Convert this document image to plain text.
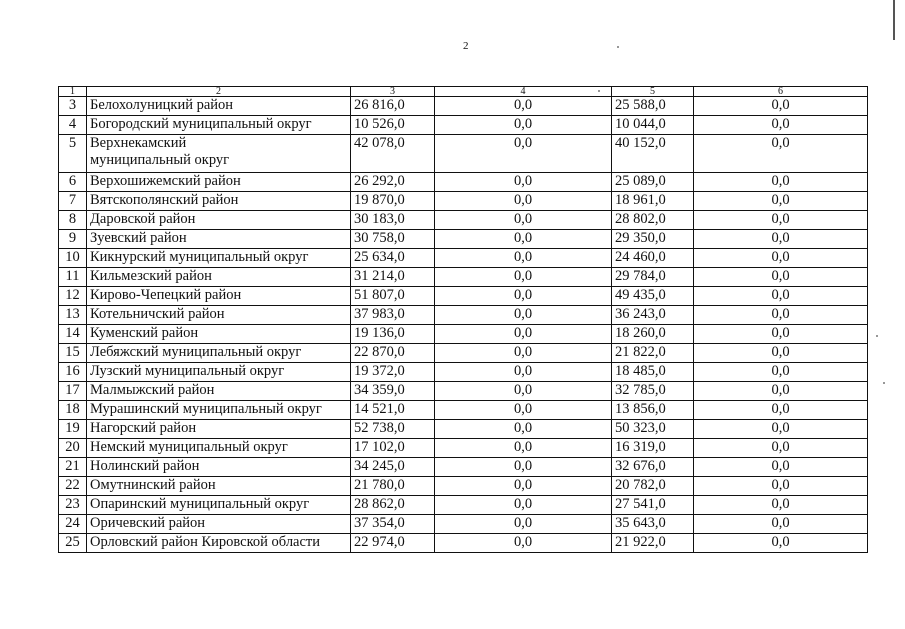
2
1	2	3	4	5	6
3	Белохолуницкий район	26 816,0	0,0	25 588,0	0,0
4	Богородский муниципальный округ	10 526,0	0,0	10 044,0	0,0
5	Верхнекамский
муниципальный округ	42 078,0	0,0	40 152,0	0,0
6	Верхошижемский район	26 292,0	0,0	25 089,0	0,0
7	Вятскополянский район	19 870,0	0,0	18 961,0	0,0
8	Даровской район	30 183,0	0,0	28 802,0	0,0
9	Зуевский район	30 758,0	0,0	29 350,0	0,0
10	Кикнурский муниципальный округ	25 634,0	0,0	24 460,0	0,0
11	Кильмезский район	31 214,0	0,0	29 784,0	0,0
12	Кирово-Чепецкий район	51 807,0	0,0	49 435,0	0,0
13	Котельничский район	37 983,0	0,0	36 243,0	0,0
14	Куменский район	19 136,0	0,0	18 260,0	0,0
15	Лебяжский муниципальный округ	22 870,0	0,0	21 822,0	0,0
16	Лузский муниципальный округ	19 372,0	0,0	18 485,0	0,0
17	Малмыжский район	34 359,0	0,0	32 785,0	0,0
18	Мурашинский муниципальный округ	14 521,0	0,0	13 856,0	0,0
19	Нагорский район	52 738,0	0,0	50 323,0	0,0
20	Немский муниципальный округ	17 102,0	0,0	16 319,0	0,0
21	Нолинский район	34 245,0	0,0	32 676,0	0,0
22	Омутнинский район	21 780,0	0,0	20 782,0	0,0
23	Опаринский муниципальный округ	28 862,0	0,0	27 541,0	0,0
24	Оричевский район	37 354,0	0,0	35 643,0	0,0
25	Орловский район Кировской области	22 974,0	0,0	21 922,0	0,0
